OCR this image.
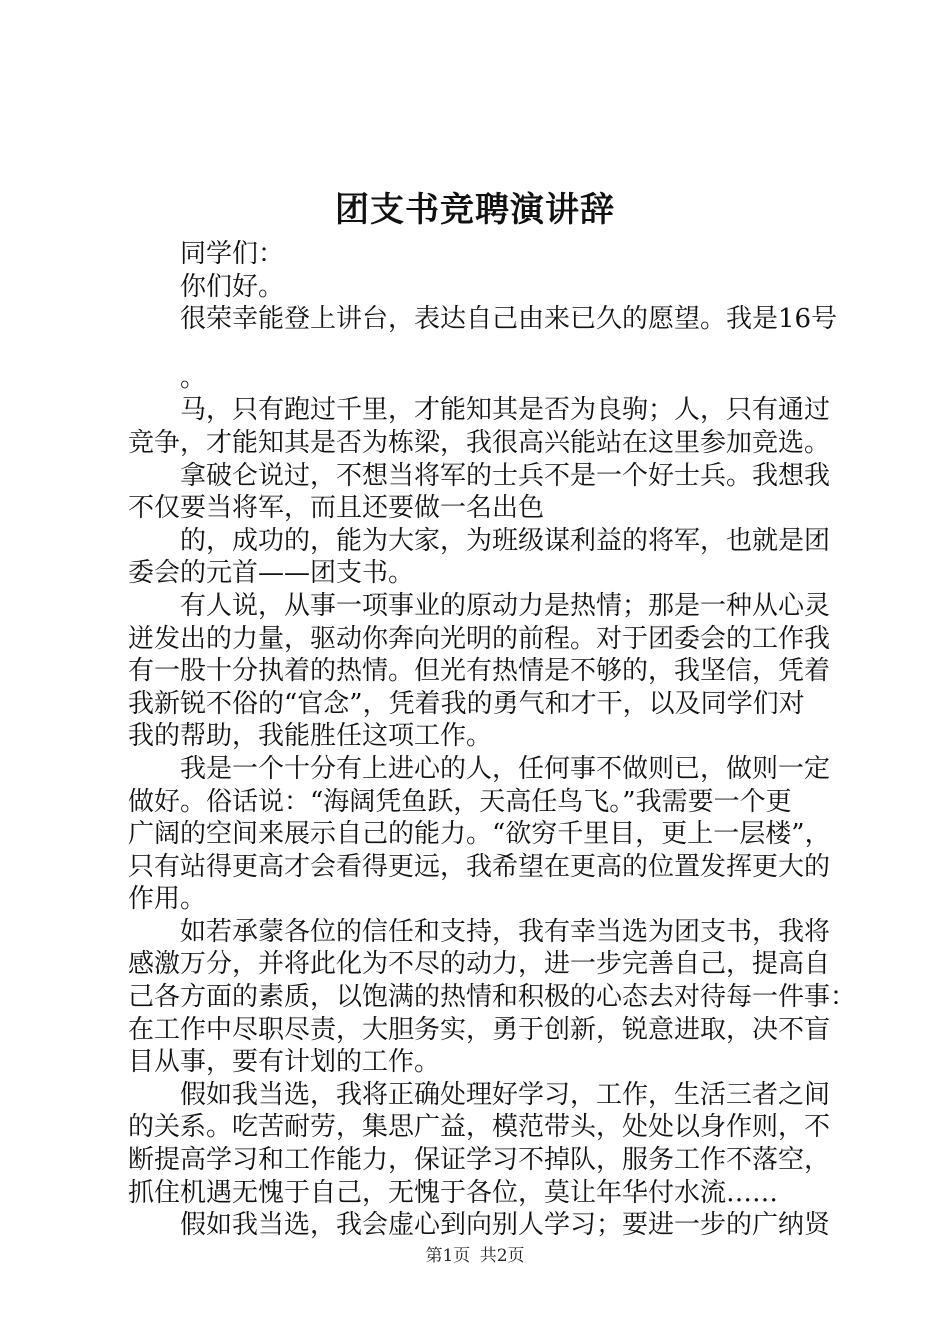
团支书竞聘演讲辞
同学们：
你们好。
很荣幸能登上讲台，表达自己由来已久的愿望。我是16号
。
马，只有跑过千里，才能知其是否为良驹；人，只有通过
竞争，才能知其是否为栋梁，我很高兴能站在这里参加竞选。
拿破仑说过，不想当将军的士兵不是一个好士兵。我想我
不仅要当将军，而且还要做一名出色
的，成功的，能为大家，为班级谋利益的将军，也就是团
委会的元首——团支书。
有人说，从事一项事业的原动力是热情；那是一种从心灵
迸发出的力量，驱动你奔向光明的前程。对于团委会的工作我
有一股十分执着的热情。但光有热情是不够的，我坚信，凭着
我新锐不俗的“官念”，凭着我的勇气和才干，以及同学们对
我的帮助，我能胜任这项工作。
我是一个十分有上进心的人，任何事不做则已，做则一定
做好。俗话说：“海阔凭鱼跃，天高任鸟飞。”我需要一个更
广阔的空间来展示自己的能力。“欲穷千里目，更上一层楼”，
只有站得更高才会看得更远，我希望在更高的位置发挥更大的
作用。
如若承蒙各位的信任和支持，我有幸当选为团支书，我将
感激万分，并将此化为不尽的动力，进一步完善自己，提高自
己各方面的素质，以饱满的热情和积极的心态去对待每一件事：
在工作中尽职尽责，大胆务实，勇于创新，锐意进取，决不盲
目从事，要有计划的工作。
假如我当选，我将正确处理好学习，工作，生活三者之间
的关系。吃苦耐劳，集思广益，模范带头，处处以身作则，不
断提高学习和工作能力，保证学习不掉队，服务工作不落空，
抓住机遇无愧于自己，无愧于各位，莫让年华付水流……
假如我当选，我会虚心到向别人学习；要进一步的广纳贤
第1页 共2页
